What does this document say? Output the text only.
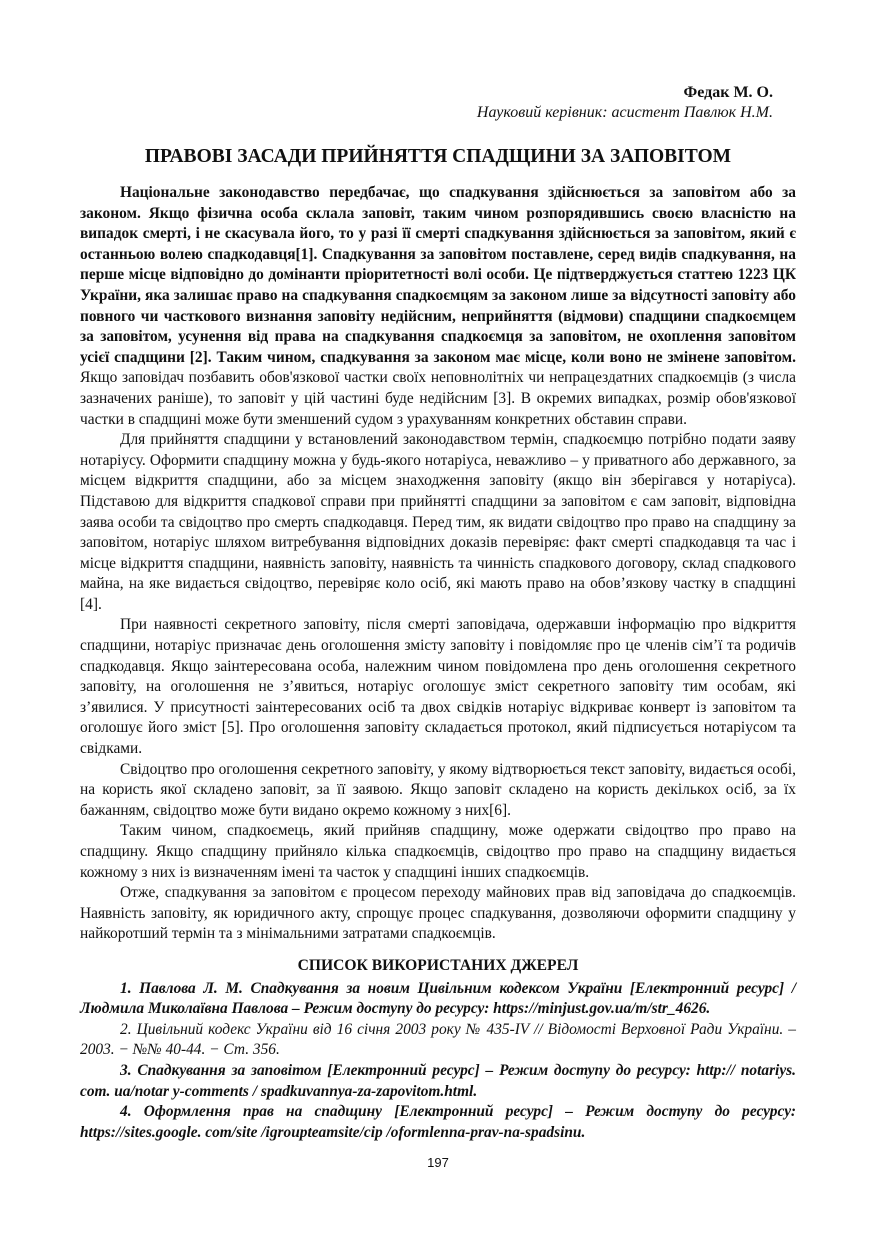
Федак М. О.
Науковий керівник: асистент Павлюк Н.М.
ПРАВОВІ ЗАСАДИ ПРИЙНЯТТЯ СПАДЩИНИ ЗА ЗАПОВІТОМ

Національне законодавство передбачає, що спадкування здійснюється за заповітом або за законом. Якщо фізична особа склала заповіт, таким чином розпорядившись своєю власністю на випадок смерті, і не скасувала його, то у разі її смерті спадкування здійснюється за заповітом, який є останньою волею спадкодавця[1]. Спадкування за заповітом поставлене, серед видів спадкування, на перше місце відповідно до домінанти пріоритетності волі особи. Це підтверджується статтею 1223 ЦК України, яка залишає право на спадкування спадкоємцям за законом лише за відсутності заповіту або повного чи часткового визнання заповіту недійсним, неприйняття (відмови) спадщини спадкоємцем за заповітом, усунення від права на спадкування спадкоємця за заповітом, не охоплення заповітом усієї спадщини [2]. Таким чином, спадкування за законом має місце, коли воно не змінене заповітом. Якщо заповідач позбавить обов'язкової частки своїх неповнолітніх чи непрацездатних спадкоємців (з числа зазначених раніше), то заповіт у цій частині буде недійсним [3]. В окремих випадках, розмір обов'язкової частки в спадщині може бути зменшений судом з урахуванням конкретних обставин справи.

Для прийняття спадщини у встановлений законодавством термін, спадкоємцю потрібно подати заяву нотаріусу. Оформити спадщину можна у будь-якого нотаріуса, неважливо – у приватного або державного, за місцем відкриття спадщини, або за місцем знаходження заповіту (якщо він зберігався у нотаріуса). Підставою для відкриття спадкової справи при прийнятті спадщини за заповітом є сам заповіт, відповідна заява особи та свідоцтво про смерть спадкодавця. Перед тим, як видати свідоцтво про право на спадщину за заповітом, нотаріус шляхом витребування відповідних доказів перевіряє: факт смерті спадкодавця та час і місце відкриття спадщини, наявність заповіту, наявність та чинність спадкового договору, склад спадкового майна, на яке видається свідоцтво, перевіряє коло осіб, які мають право на обов’язкову частку в спадщині [4].

При наявності секретного заповіту, після смерті заповідача, одержавши інформацію про відкриття спадщини, нотаріус призначає день оголошення змісту заповіту і повідомляє про це членів сім’ї та родичів спадкодавця. Якщо заінтересована особа, належним чином повідомлена про день оголошення секретного заповіту, на оголошення не з’явиться, нотаріус оголошує зміст секретного заповіту тим особам, які з’явилися. У присутності заінтересованих осіб та двох свідків нотаріус відкриває конверт із заповітом та оголошує його зміст [5]. Про оголошення заповіту складається протокол, який підписується нотаріусом та свідками.

Свідоцтво про оголошення секретного заповіту, у якому відтворюється текст заповіту, видається особі, на користь якої складено заповіт, за її заявою. Якщо заповіт складено на користь декількох осіб, за їх бажанням, свідоцтво може бути видано окремо кожному з них[6].

Таким чином, спадкоємець, який прийняв спадщину, може одержати свідоцтво про право на спадщину. Якщо спадщину прийняло кілька спадкоємців, свідоцтво про право на спадщину видається кожному з них із визначенням імені та часток у спадщині інших спадкоємців.

Отже, спадкування за заповітом є процесом переходу майнових прав від заповідача до спадкоємців. Наявність заповіту, як юридичного акту, спрощує процес спадкування, дозволяючи оформити спадщину у найкоротший термін та з мінімальними затратами спадкоємців.

СПИСОК ВИКОРИСТАНИХ ДЖЕРЕЛ

1. Павлова Л. М. Спадкування за новим Цивільним кодексом України [Електронний ресурс] / Людмила Миколаївна Павлова – Режим доступу до ресурсу: https://minjust.gov.ua/m/str_4626.

2. Цивільний кодекс України від 16 січня 2003 року № 435-IV // Відомості Верховної Ради України. – 2003. − №№ 40-44. − Ст. 356.

3. Спадкування за заповітом [Електронний ресурс] – Режим доступу до ресурсу: http:// notariys. com. ua/notar y-comments / spadkuvannya-za-zapovitom.html.

4. Оформлення прав на спадщину [Електронний ресурс] – Режим доступу до ресурсу: https://sites.google. com/site /igroupteamsite/cip /oformlenna-prav-na-spadsinu.

197
